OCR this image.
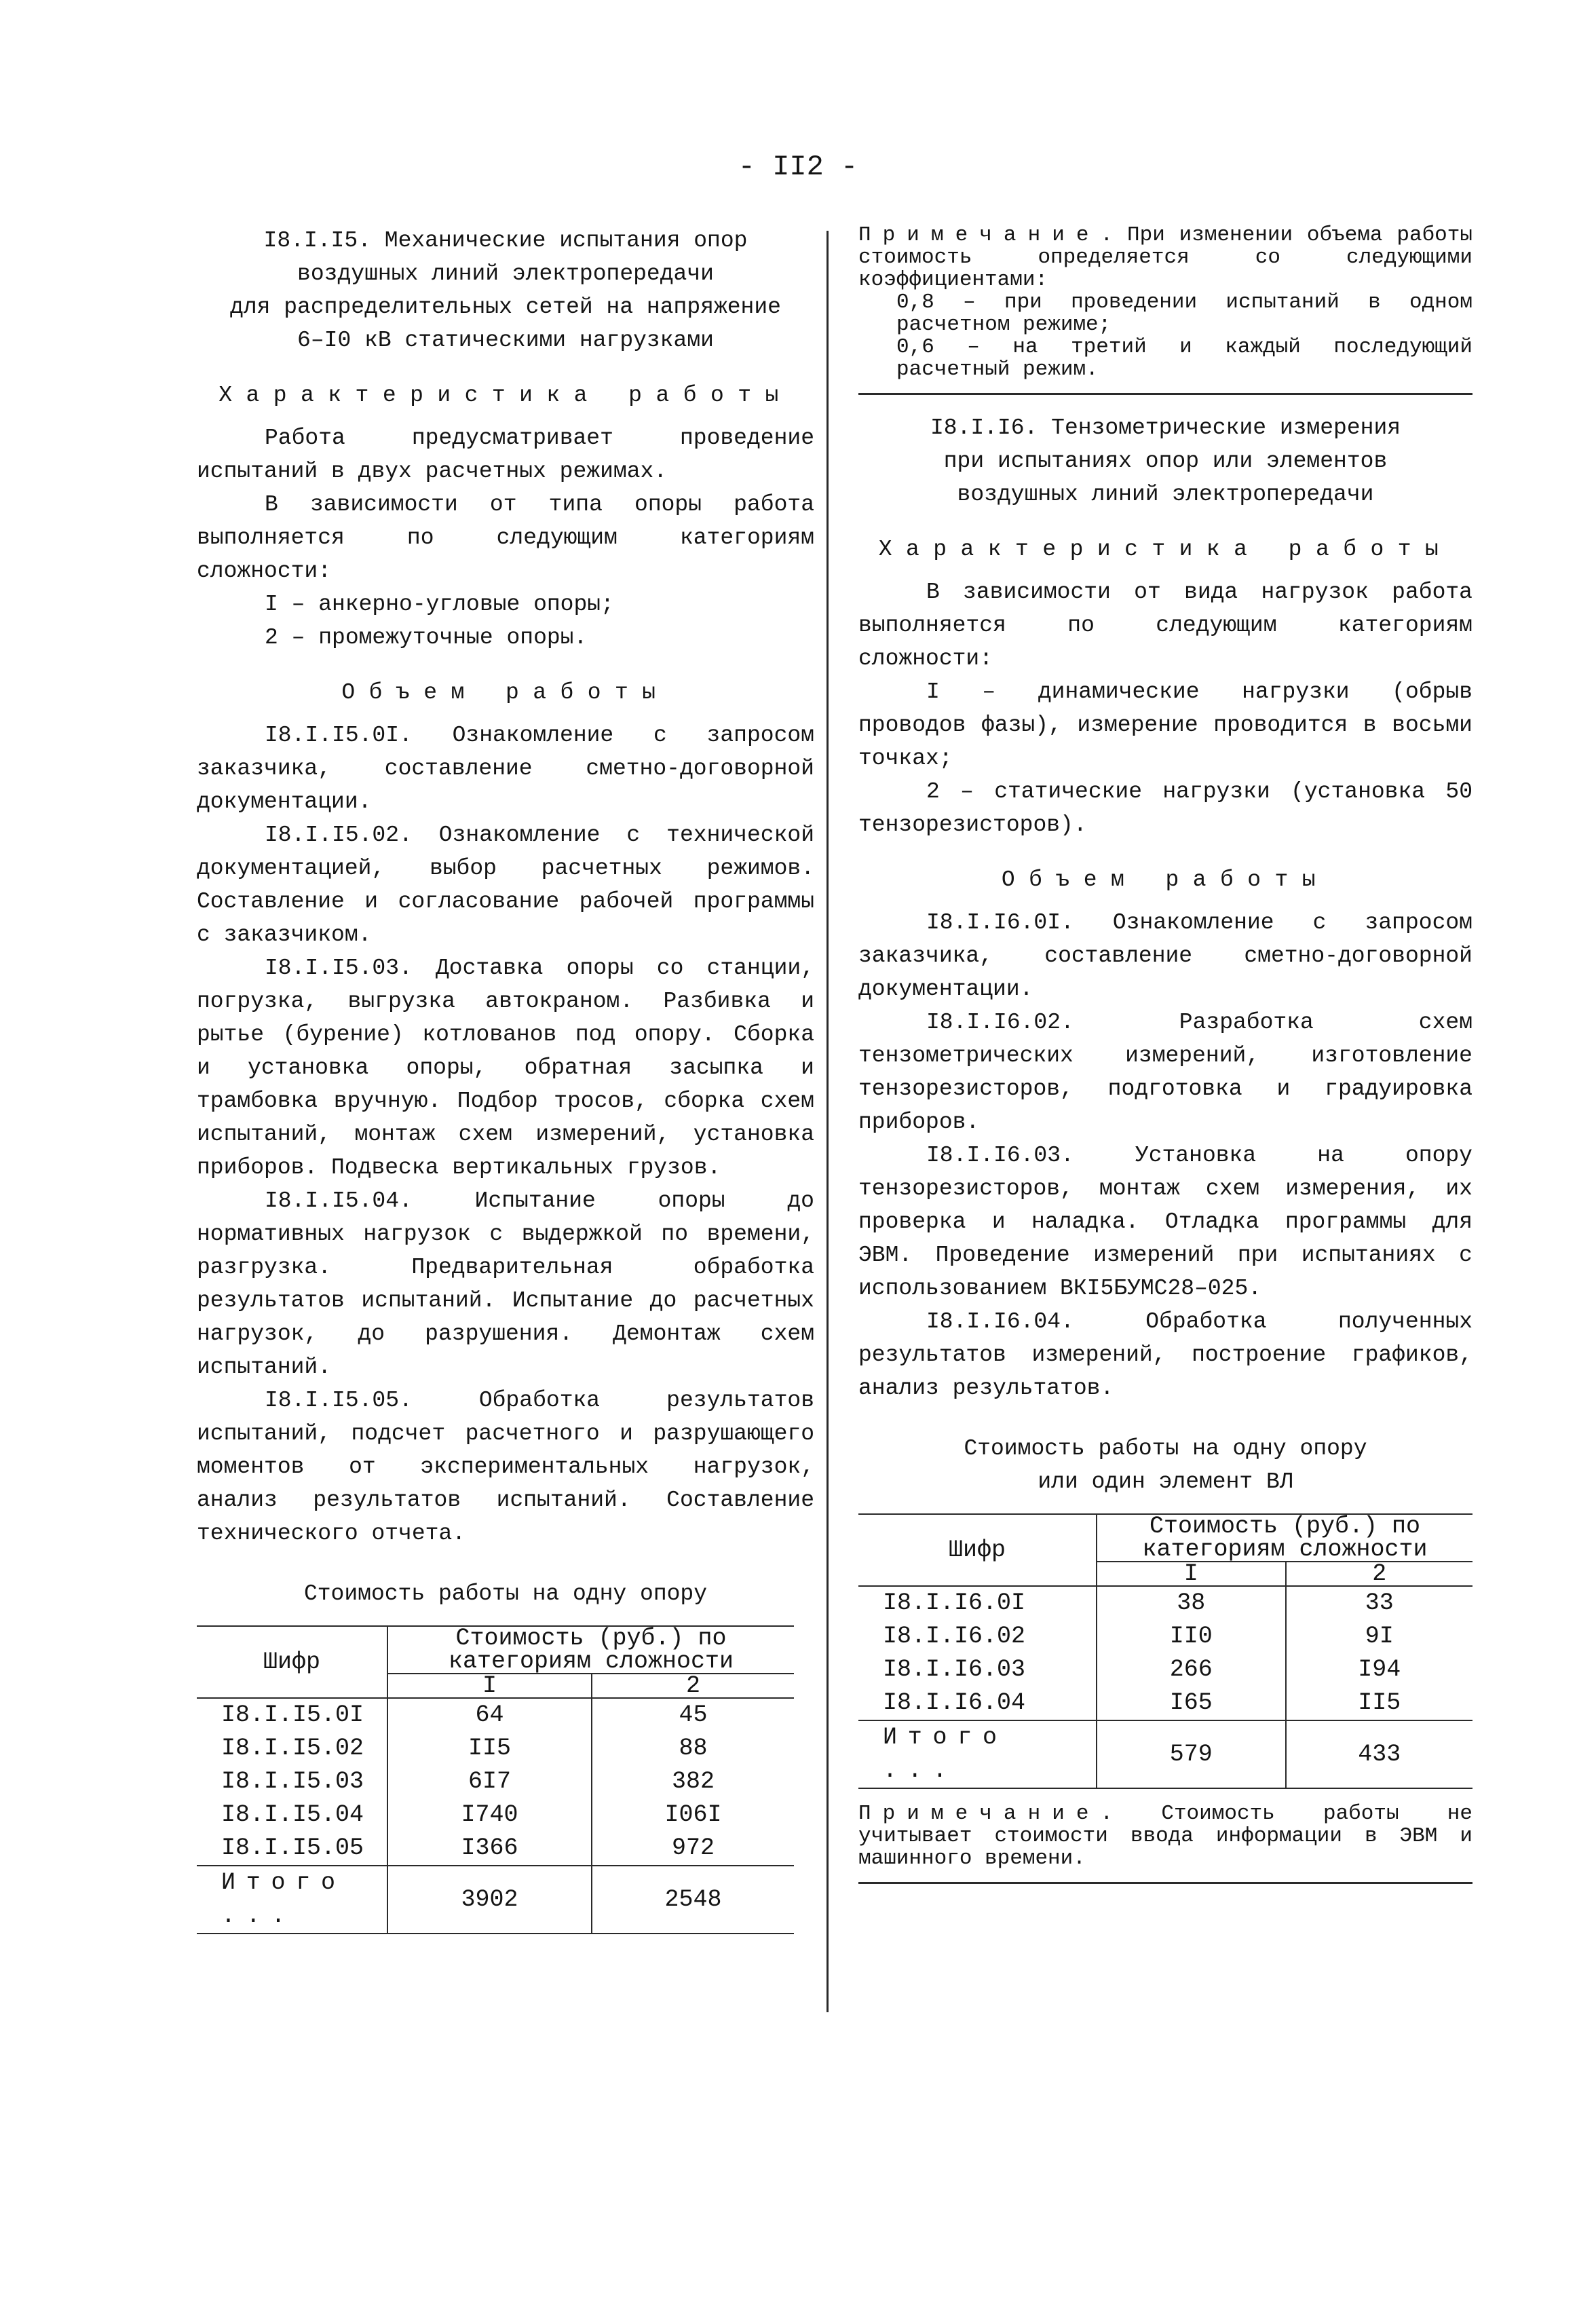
- II2 -

I8.I.I5. Механические испытания опор

воздушных линий электропередачи

для распределительных сетей на напряжение

6–I0 кВ статическими нагрузками

Характеристика работы

Работа предусматривает проведение испытаний в двух расчетных режимах.

В зависимости от типа опоры работа выполняется по следующим категориям сложности:

I – анкерно-угловые опоры;

2 – промежуточные опоры.

Объем работы

I8.I.I5.0I. Ознакомление с запросом заказчика, составление сметно-договорной документации.

I8.I.I5.02. Ознакомление с технической документацией, выбор расчетных режимов. Составление и согласование рабочей программы с заказчиком.

I8.I.I5.03. Доставка опоры со станции, погрузка, выгрузка автокраном. Разбивка и рытье (бурение) котлованов под опору. Сборка и установка опоры, обратная засыпка и трамбовка вручную. Подбор тросов, сборка схем испытаний, монтаж схем измерений, установка приборов. Подвеска вертикальных грузов.

I8.I.I5.04. Испытание опоры до нормативных нагрузок с выдержкой по времени, разгрузка. Предварительная обработка результатов испытаний. Испытание до расчетных нагрузок, до разрушения. Демонтаж схем испытаний.

I8.I.I5.05. Обработка результатов испытаний, подсчет расчетного и разрушающего моментов от экспериментальных нагрузок, анализ результатов испытаний. Составление технического отчета.

Стоимость работы на одну опору

Шифр	Стоимость (руб.) по категориям сложности	
	I	2
I8.I.I5.0I	64	45
I8.I.I5.02	II5	88
I8.I.I5.03	6I7	382
I8.I.I5.04	I740	I06I
I8.I.I5.05	I366	972
Итого ...	3902	2548

Примечание. При изменении объема работы стоимость определяется со следующими коэффициентами:

0,8 – при проведении испытаний в одном расчетном режиме;

0,6 – на третий и каждый последующий расчетный режим.

I8.I.I6. Тензометрические измерения

при испытаниях опор или элементов

воздушных линий электропередачи

Характеристика работы

В зависимости от вида нагрузок работа выполняется по следующим категориям сложности:

I – динамические нагрузки (обрыв проводов фазы), измерение проводится в восьми точках;

2 – статические нагрузки (установка 50 тензорезисторов).

Объем работы

I8.I.I6.0I. Ознакомление с запросом заказчика, составление сметно-договорной документации.

I8.I.I6.02. Разработка схем тензометрических измерений, изготовление тензорезисторов, подготовка и градуировка приборов.

I8.I.I6.03. Установка на опору тензорезисторов, монтаж схем измерения, их проверка и наладка. Отладка программы для ЭВМ. Проведение измерений при испытаниях с использованием ВКI5БУМС28–025.

I8.I.I6.04. Обработка полученных результатов измерений, построение графиков, анализ результатов.

Стоимость работы на одну опору

или один элемент ВЛ

Шифр	Стоимость (руб.) по категориям сложности	
	I	2
I8.I.I6.0I	38	33
I8.I.I6.02	II0	9I
I8.I.I6.03	266	I94
I8.I.I6.04	I65	II5
Итого ...	579	433

Примечание. Стоимость работы не учитывает стоимости ввода информации в ЭВМ и машинного времени.
